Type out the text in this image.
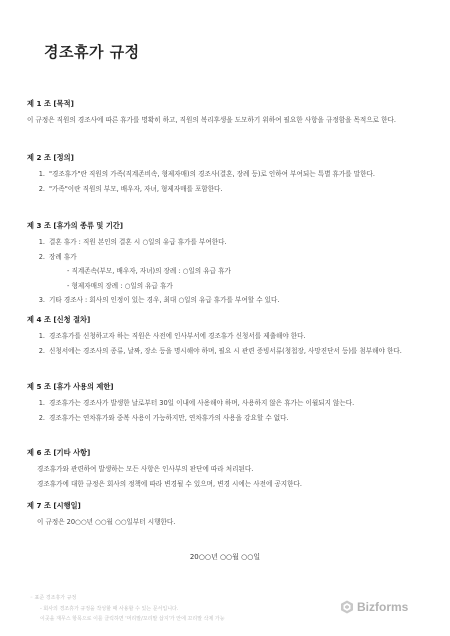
경조휴가 규정
제 1 조 [목적]
이 규정은 직원의 경조사에 따른 휴가를 명확히 하고, 직원의 복리후생을 도모하기 위하여 필요한 사항을 규정함을 목적으로 한다.
제 2 조 [정의]
1. "경조휴가"란 직원의 가족(직계존비속, 형제자매)의 경조사(결혼, 장례 등)로 인하여 부여되는 특별 휴가를 말한다.
2. "가족"이란 직원의 부모, 배우자, 자녀, 형제자매를 포함한다.
제 3 조 [휴가의 종류 및 기간]
1. 결혼 휴가 : 직원 본인의 결혼 시 ○일의 유급 휴가를 부여한다.
2. 장례 휴가
- 직계존속(부모, 배우자, 자녀)의 장례 : ○일의 유급 휴가
- 형제자매의 장례 : ○일의 유급 휴가
3. 기타 경조사 : 회사의 인정이 있는 경우, 최대 ○일의 유급 휴가를 부여할 수 있다.
제 4 조 [신청 절차]
1. 경조휴가를 신청하고자 하는 직원은 사전에 인사부서에 경조휴가 신청서를 제출해야 한다.
2. 신청서에는 경조사의 종류, 날짜, 장소 등을 명시해야 하며, 필요 시 관련 증빙서류(청첩장, 사망진단서 등)를 첨부해야 한다.
제 5 조 [휴가 사용의 제한]
1. 경조휴가는 경조사가 발생한 날로부터 30일 이내에 사용해야 하며, 사용하지 않은 휴가는 이월되지 않는다.
2. 경조휴가는 연차휴가와 중복 사용이 가능하지만, 연차휴가의 사용을 강요할 수 없다.
제 6 조 [기타 사항]
경조휴가와 관련하여 발생하는 모든 사항은 인사부의 판단에 따라 처리된다.
경조휴가에 대한 규정은 회사의 정책에 따라 변경될 수 있으며, 변경 시에는 사전에 공지한다.
제 7 조 [시행일]
이 규정은 20○○년 ○○월 ○○일부터 시행한다.
20○○년 ○○월 ○○일
◦ 표준 경조휴가 규정
- 회사의 경조휴가 규정을 작성할 때 사용할 수 있는 문서입니다.
이곳을 재무스 항목으로 이를 클릭하면 '머리말/꼬리말 삽지'가 안에 꼬리말 삭제 가능
Bizforms
